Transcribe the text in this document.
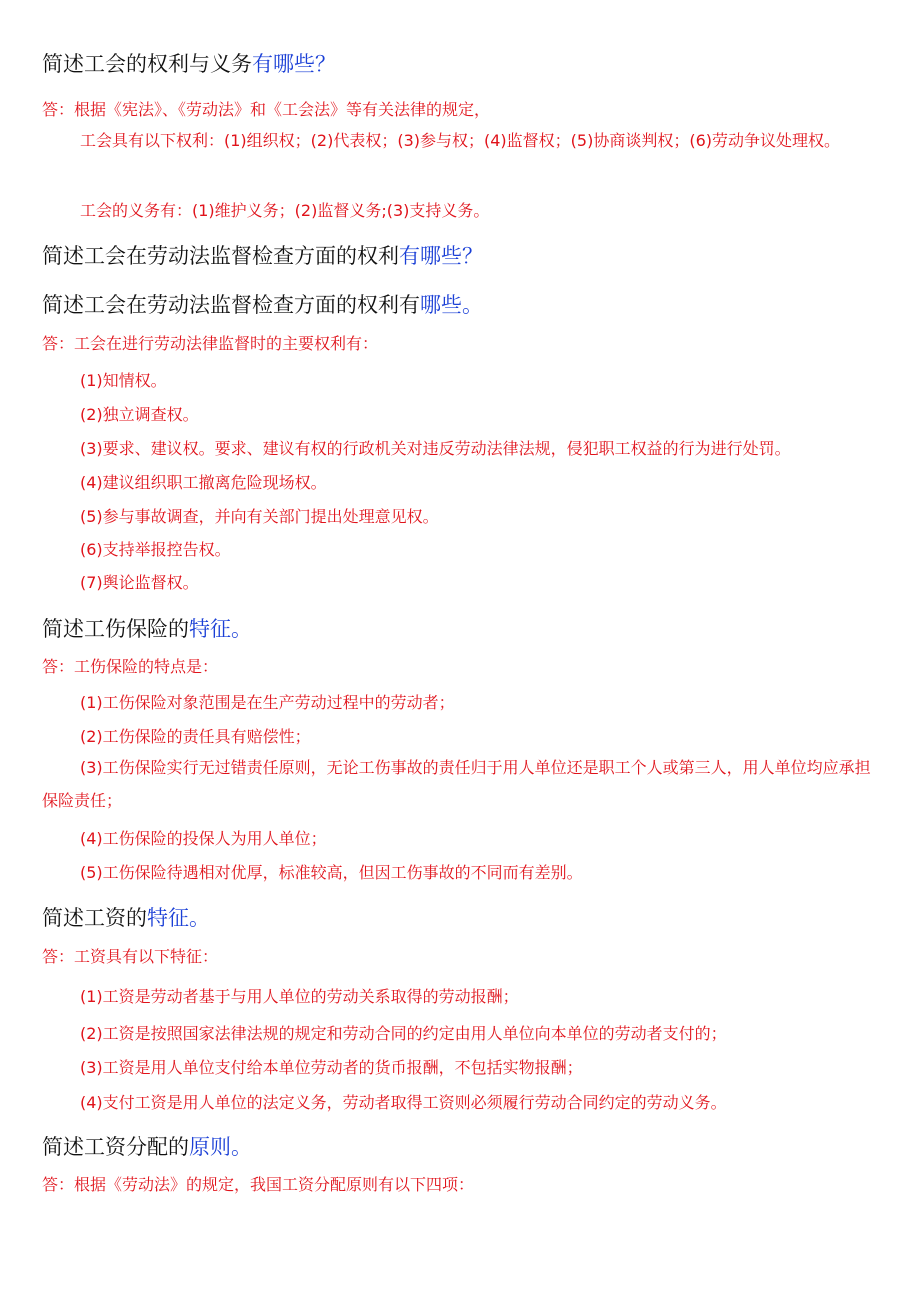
简述工会的权利与义务有哪些？
答：根据《宪法》、《劳动法》和《工会法》等有关法律的规定，
工会具有以下权利：(1)组织权；(2)代表权；(3)参与权；(4)监督权；(5)协商谈判权；(6)劳动争议处理权。
工会的义务有：(1)维护义务；(2)监督义务;(3)支持义务。
简述工会在劳动法监督检查方面的权利有哪些？
简述工会在劳动法监督检查方面的权利有哪些。
答：工会在进行劳动法律监督时的主要权利有：
(1)知情权。
(2)独立调查权。
(3)要求、建议权。要求、建议有权的行政机关对违反劳动法律法规，侵犯职工权益的行为进行处罚。
(4)建议组织职工撤离危险现场权。
(5)参与事故调查，并向有关部门提出处理意见权。
(6)支持举报控告权。
(7)舆论监督权。
简述工伤保险的特征。
答：工伤保险的特点是：
(1)工伤保险对象范围是在生产劳动过程中的劳动者；
(2)工伤保险的责任具有赔偿性；
(3)工伤保险实行无过错责任原则，无论工伤事故的责任归于用人单位还是职工个人或第三人，用人单位均应承担保险责任；
(4)工伤保险的投保人为用人单位；
(5)工伤保险待遇相对优厚，标准较高，但因工伤事故的不同而有差别。
简述工资的特征。
答：工资具有以下特征：
(1)工资是劳动者基于与用人单位的劳动关系取得的劳动报酬；
(2)工资是按照国家法律法规的规定和劳动合同的约定由用人单位向本单位的劳动者支付的；
(3)工资是用人单位支付给本单位劳动者的货币报酬，不包括实物报酬；
(4)支付工资是用人单位的法定义务，劳动者取得工资则必须履行劳动合同约定的劳动义务。
简述工资分配的原则。
答：根据《劳动法》的规定，我国工资分配原则有以下四项：
